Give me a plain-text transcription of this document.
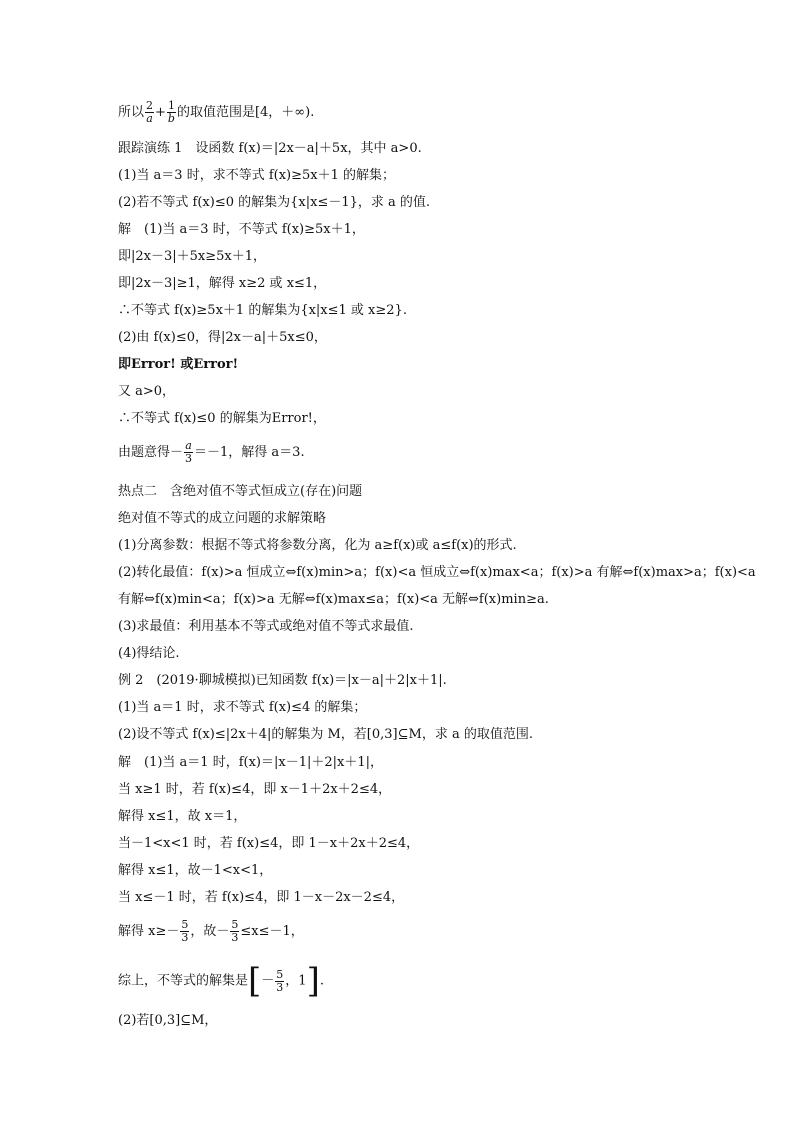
所以 $\frac{2}{a} + \frac{1}{b}$ 的取值范围是[4，＋∞).
跟踪演练 1　设函数 f(x)＝|2x－a|＋5x，其中 a>0.
(1)当 a＝3 时，求不等式 f(x)≥5x＋1 的解集；
(2)若不等式 f(x)≤0 的解集为{x|x≤－1}，求 a 的值.
解　(1)当 a＝3 时，不等式 f(x)≥5x＋1，
即|2x－3|＋5x≥5x＋1，
即|2x－3|≥1，解得 x≥2 或 x≤1，
∴不等式 f(x)≥5x＋1 的解集为{x|x≤1 或 x≥2}.
(2)由 f(x)≤0，得|2x－a|＋5x≤0，
即Error! 或Error!
又 a>0，
∴不等式 f(x)≤0 的解集为Error!，
由题意得－ $\frac{a}{3} =-1$，解得 a＝3.
热点二　含绝对值不等式恒成立(存在)问题
绝对值不等式的成立问题的求解策略
(1)分离参数：根据不等式将参数分离，化为 a≥f(x)或 a≤f(x)的形式.
(2)转化最值：f(x)>a 恒成立⇔f(x)min>a；f(x)<a 恒成立⇔f(x)max<a；f(x)>a 有解⇔f(x)max>a；f(x)<a
有解⇔f(x)min<a；f(x)>a 无解⇔f(x)max≤a；f(x)<a 无解⇔f(x)min≥a.
(3)求最值：利用基本不等式或绝对值不等式求最值.
(4)得结论.
例 2　(2019·聊城模拟)已知函数 f(x)＝|x－a|＋2|x＋1|.
(1)当 a＝1 时，求不等式 f(x)≤4 的解集；
(2)设不等式 f(x)≤|2x＋4|的解集为 M，若[0,3]⊆M，求 a 的取值范围.
解　(1)当 a＝1 时，f(x)＝|x－1|＋2|x＋1|，
当 x≥1 时，若 f(x)≤4，即 x－1＋2x＋2≤4，
解得 x≤1，故 x＝1，
当－1<x<1 时，若 f(x)≤4，即 1－x＋2x＋2≤4，
解得 x≤1，故－1<x<1，
当 x≤－1 时，若 f(x)≤4，即 1－x－2x－2≤4，
解得 $x\ge- \frac{5}{3}$ ，故－ $\frac{5}{3} \le x\le-1$，
综上，不等式的解集是[－ $\frac{5}{3}$ ，1].
(2)若[0,3]⊆M，
